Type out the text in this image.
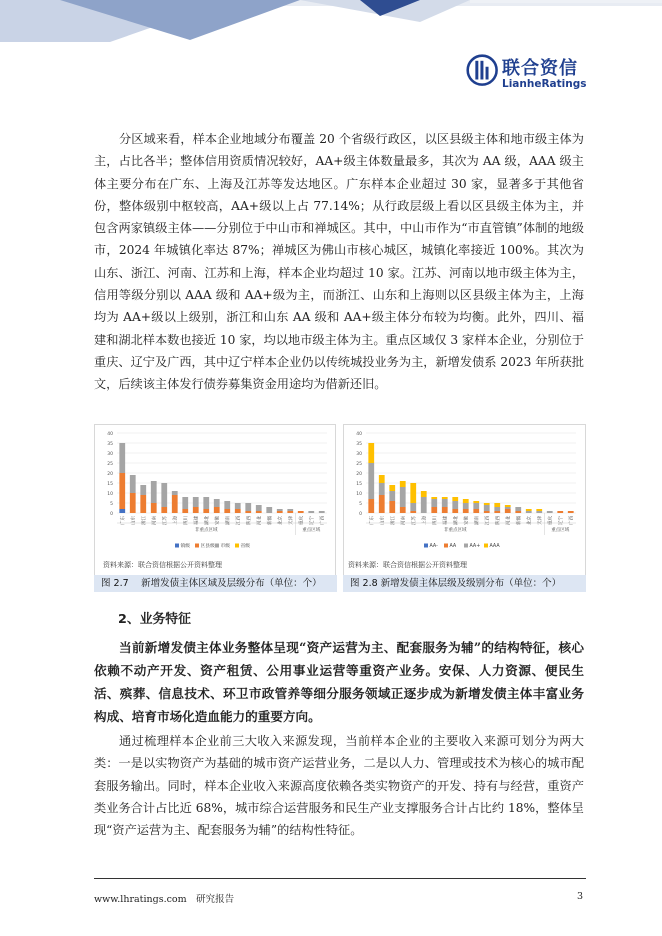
联合资信
LianheRatings

分区域来看，样本企业地域分布覆盖 20 个省级行政区，以区县级主体和地市级主体为主，占比各半；整体信用资质情况较好，AA+级主体数量最多，其次为 AA 级，AAA 级主体主要分布在广东、上海及江苏等发达地区。广东样本企业超过 30 家，显著多于其他省份，整体级别中枢较高，AA+级以上占 77.14%；从行政层级上看以区县级主体为主，并包含两家镇级主体——分别位于中山市和禅城区。其中，中山市作为“市直管镇”体制的地级市，2024 年城镇化率达 87%；禅城区为佛山市核心城区，城镇化率接近 100%。其次为山东、浙江、河南、江苏和上海，样本企业均超过 10 家。江苏、河南以地市级主体为主，信用等级分别以 AAA 级和 AA+级为主，而浙江、山东和上海则以区县级主体为主，上海均为 AA+级以上级别，浙江和山东 AA 级和 AA+级主体分布较为均衡。此外，四川、福建和湖北样本数也接近 10 家，均以地市级主体为主。重点区域仅 3 家样本企业，分别位于重庆、辽宁及广西，其中辽宁样本企业仍以传统城投业务为主，新增发债系 2023 年所获批文，后续该主体发行债券募集资金用途均为借新还旧。

0
5
10
15
20
25
30
35
40
广东	山东	浙江	河南	江苏	上海	四川	福建	湖北	安徽	湖南	江西	陕西	河北	新疆	北京	天津	重庆	辽宁	广西
非重点区域	重点区域
镇级 区县级 市级 省级
资料来源：联合资信根据公开资料整理
图 2.7　 新增发债主体区域及层级分布（单位：个）
0
5
10
15
20
25
30
35
40
广东	山东	浙江	河南	江苏	上海	四川	福建	湖北	安徽	湖南	江西	陕西	河北	新疆	北京	天津	重庆	辽宁	广西
非重点区域	重点区域
AA- AA	AA+ AAA
资料来源：联合资信根据公开资料整理
图 2.8 新增发债主体层级及级别分布（单位：个）
2、业务特征

当前新增发债主体业务整体呈现“资产运营为主、配套服务为辅”的结构特征，核心依赖不动产开发、资产租赁、公用事业运营等重资产业务。安保、人力资源、便民生活、殡葬、信息技术、环卫市政管养等细分服务领域正逐步成为新增发债主体丰富业务构成、培育市场化造血能力的重要方向。

通过梳理样本企业前三大收入来源发现，当前样本企业的主要收入来源可划分为两大类：一是以实物资产为基础的城市资产运营业务，二是以人力、管理或技术为核心的城市配套服务输出。同时，样本企业收入来源高度依赖各类实物资产的开发、持有与经营，重资产类业务合计占比近 68%，城市综合运营服务和民生产业支撑服务合计占比约 18%，整体呈现“资产运营为主、配套服务为辅”的结构性特征。

www.lhratings.com　研究报告	3
